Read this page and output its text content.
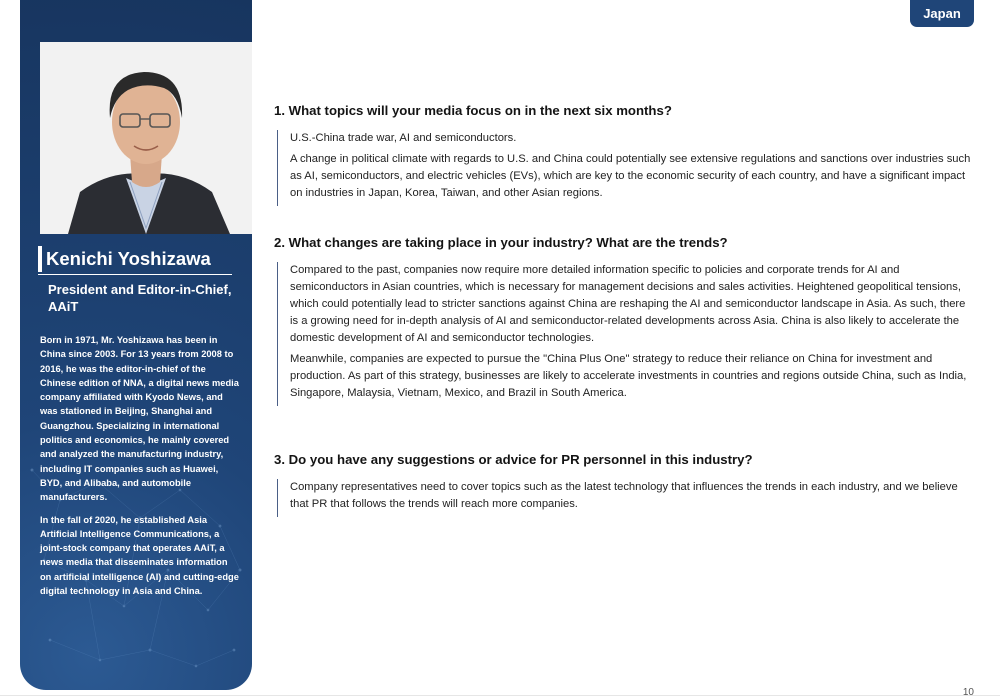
Kenichi Yoshizawa
President and Editor-in-Chief, AAiT

Born in 1971, Mr. Yoshizawa has been in China since 2003. For 13 years from 2008 to 2016, he was the editor-in-chief of the Chinese edition of NNA, a digital news media company affiliated with Kyodo News, and was stationed in Beijing, Shanghai and Guangzhou. Specializing in international politics and economics, he mainly covered and analyzed the manufacturing industry, including IT companies such as Huawei, BYD, and Alibaba, and automobile manufacturers.

In the fall of 2020, he established Asia Artificial Intelligence Communications, a joint-stock company that operates AAiT, a news media that disseminates information on artificial intelligence (AI) and cutting-edge digital technology in Asia and China.

Japan
1. What topics will your media focus on in the next six months?

U.S.-China trade war, AI and semiconductors.

A change in political climate with regards to U.S. and China could potentially see extensive regulations and sanctions over industries such as AI, semiconductors, and electric vehicles (EVs), which are key to the economic security of each country, and have a significant impact on industries in Japan, Korea, Taiwan, and other Asian regions.

2. What changes are taking place in your industry? What are the trends?

Compared to the past, companies now require more detailed information specific to policies and corporate trends for AI and semiconductors in Asian countries, which is necessary for management decisions and sales activities. Heightened geopolitical tensions, which could potentially lead to stricter sanctions against China are reshaping the AI and semiconductor landscape in Asia. As such, there is a growing need for in-depth analysis of AI and semiconductor-related developments across Asia. China is also likely to accelerate the domestic development of AI and semiconductor technologies.

Meanwhile, companies are expected to pursue the "China Plus One" strategy to reduce their reliance on China for investment and production. As part of this strategy, businesses are likely to accelerate investments in countries and regions outside China, such as India, Singapore, Malaysia, Vietnam, Mexico, and Brazil in South America.

3. Do you have any suggestions or advice for PR personnel in this industry?

Company representatives need to cover topics such as the latest technology that influences the trends in each industry, and we believe that PR that follows the trends will reach more companies.

10
